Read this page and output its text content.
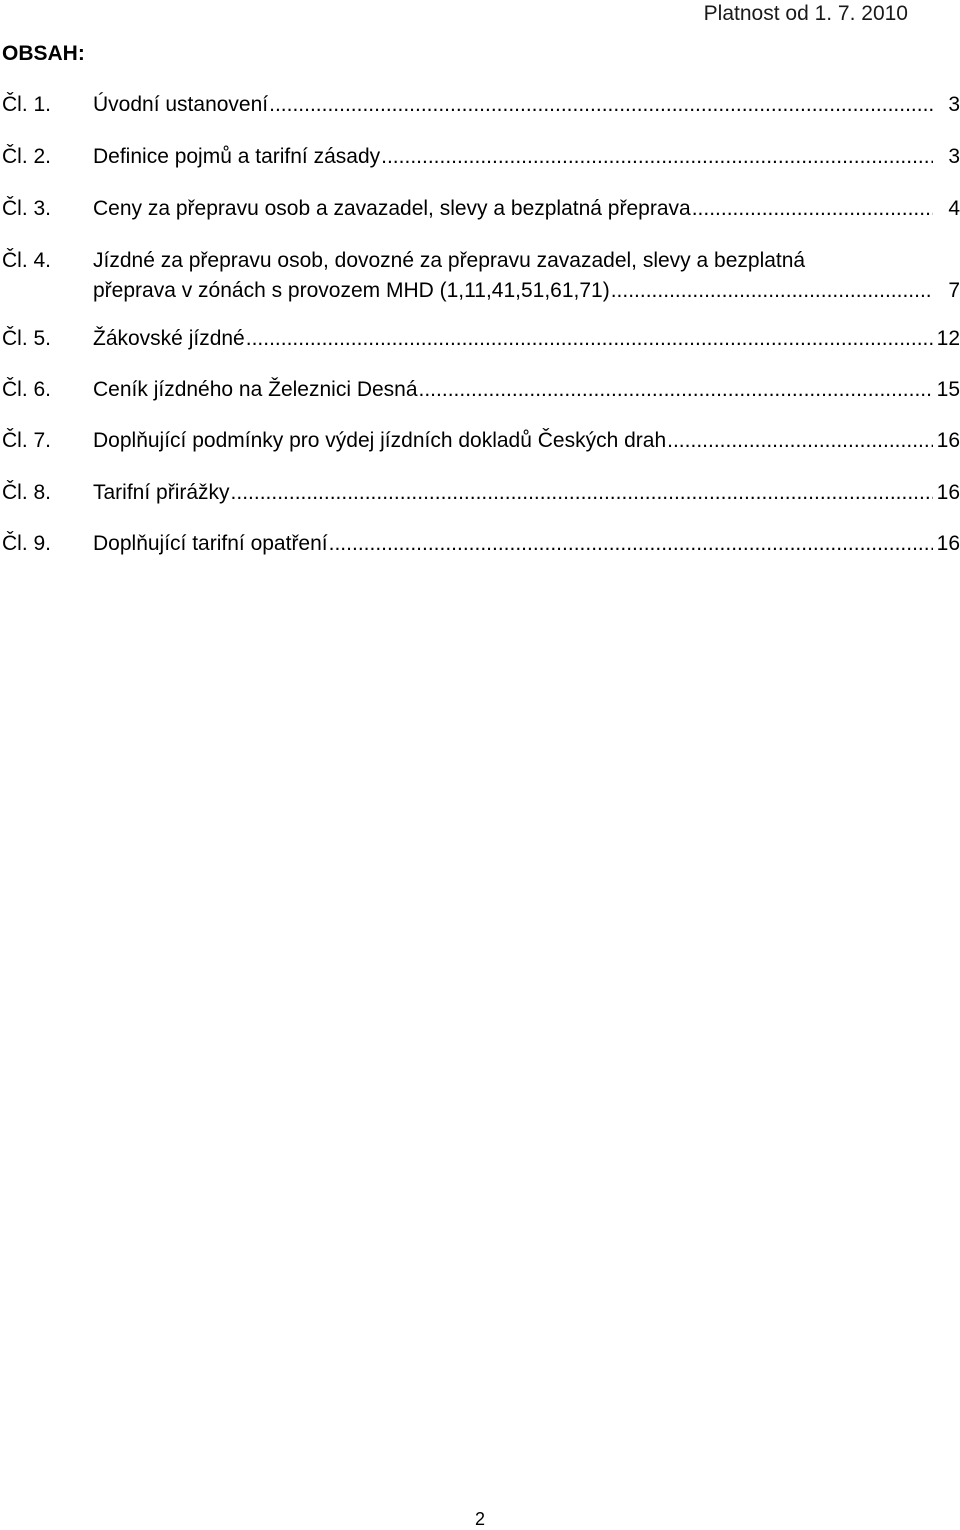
Platnost od 1. 7. 2010
OBSAH:
Čl. 1. Úvodní ustanovení .....	3
Čl. 2. Definice pojmů a tarifní zásady .....	3
Čl. 3. Ceny za přepravu osob a zavazadel, slevy a bezplatná přeprava .....	4
Čl. 4. Jízdné za přepravu osob, dovozné za přepravu zavazadel, slevy a bezplatná
přeprava v zónách s provozem MHD (1,11,41,51,61,71) .....	7
Čl. 5. Žákovské jízdné .....	12
Čl. 6. Ceník jízdného na Železnici Desná .....	15
Čl. 7. Doplňující podmínky pro výdej jízdních dokladů Českých drah .....	16
Čl. 8. Tarifní přirážky .....	16
Čl. 9. Doplňující tarifní opatření .....	16
2
